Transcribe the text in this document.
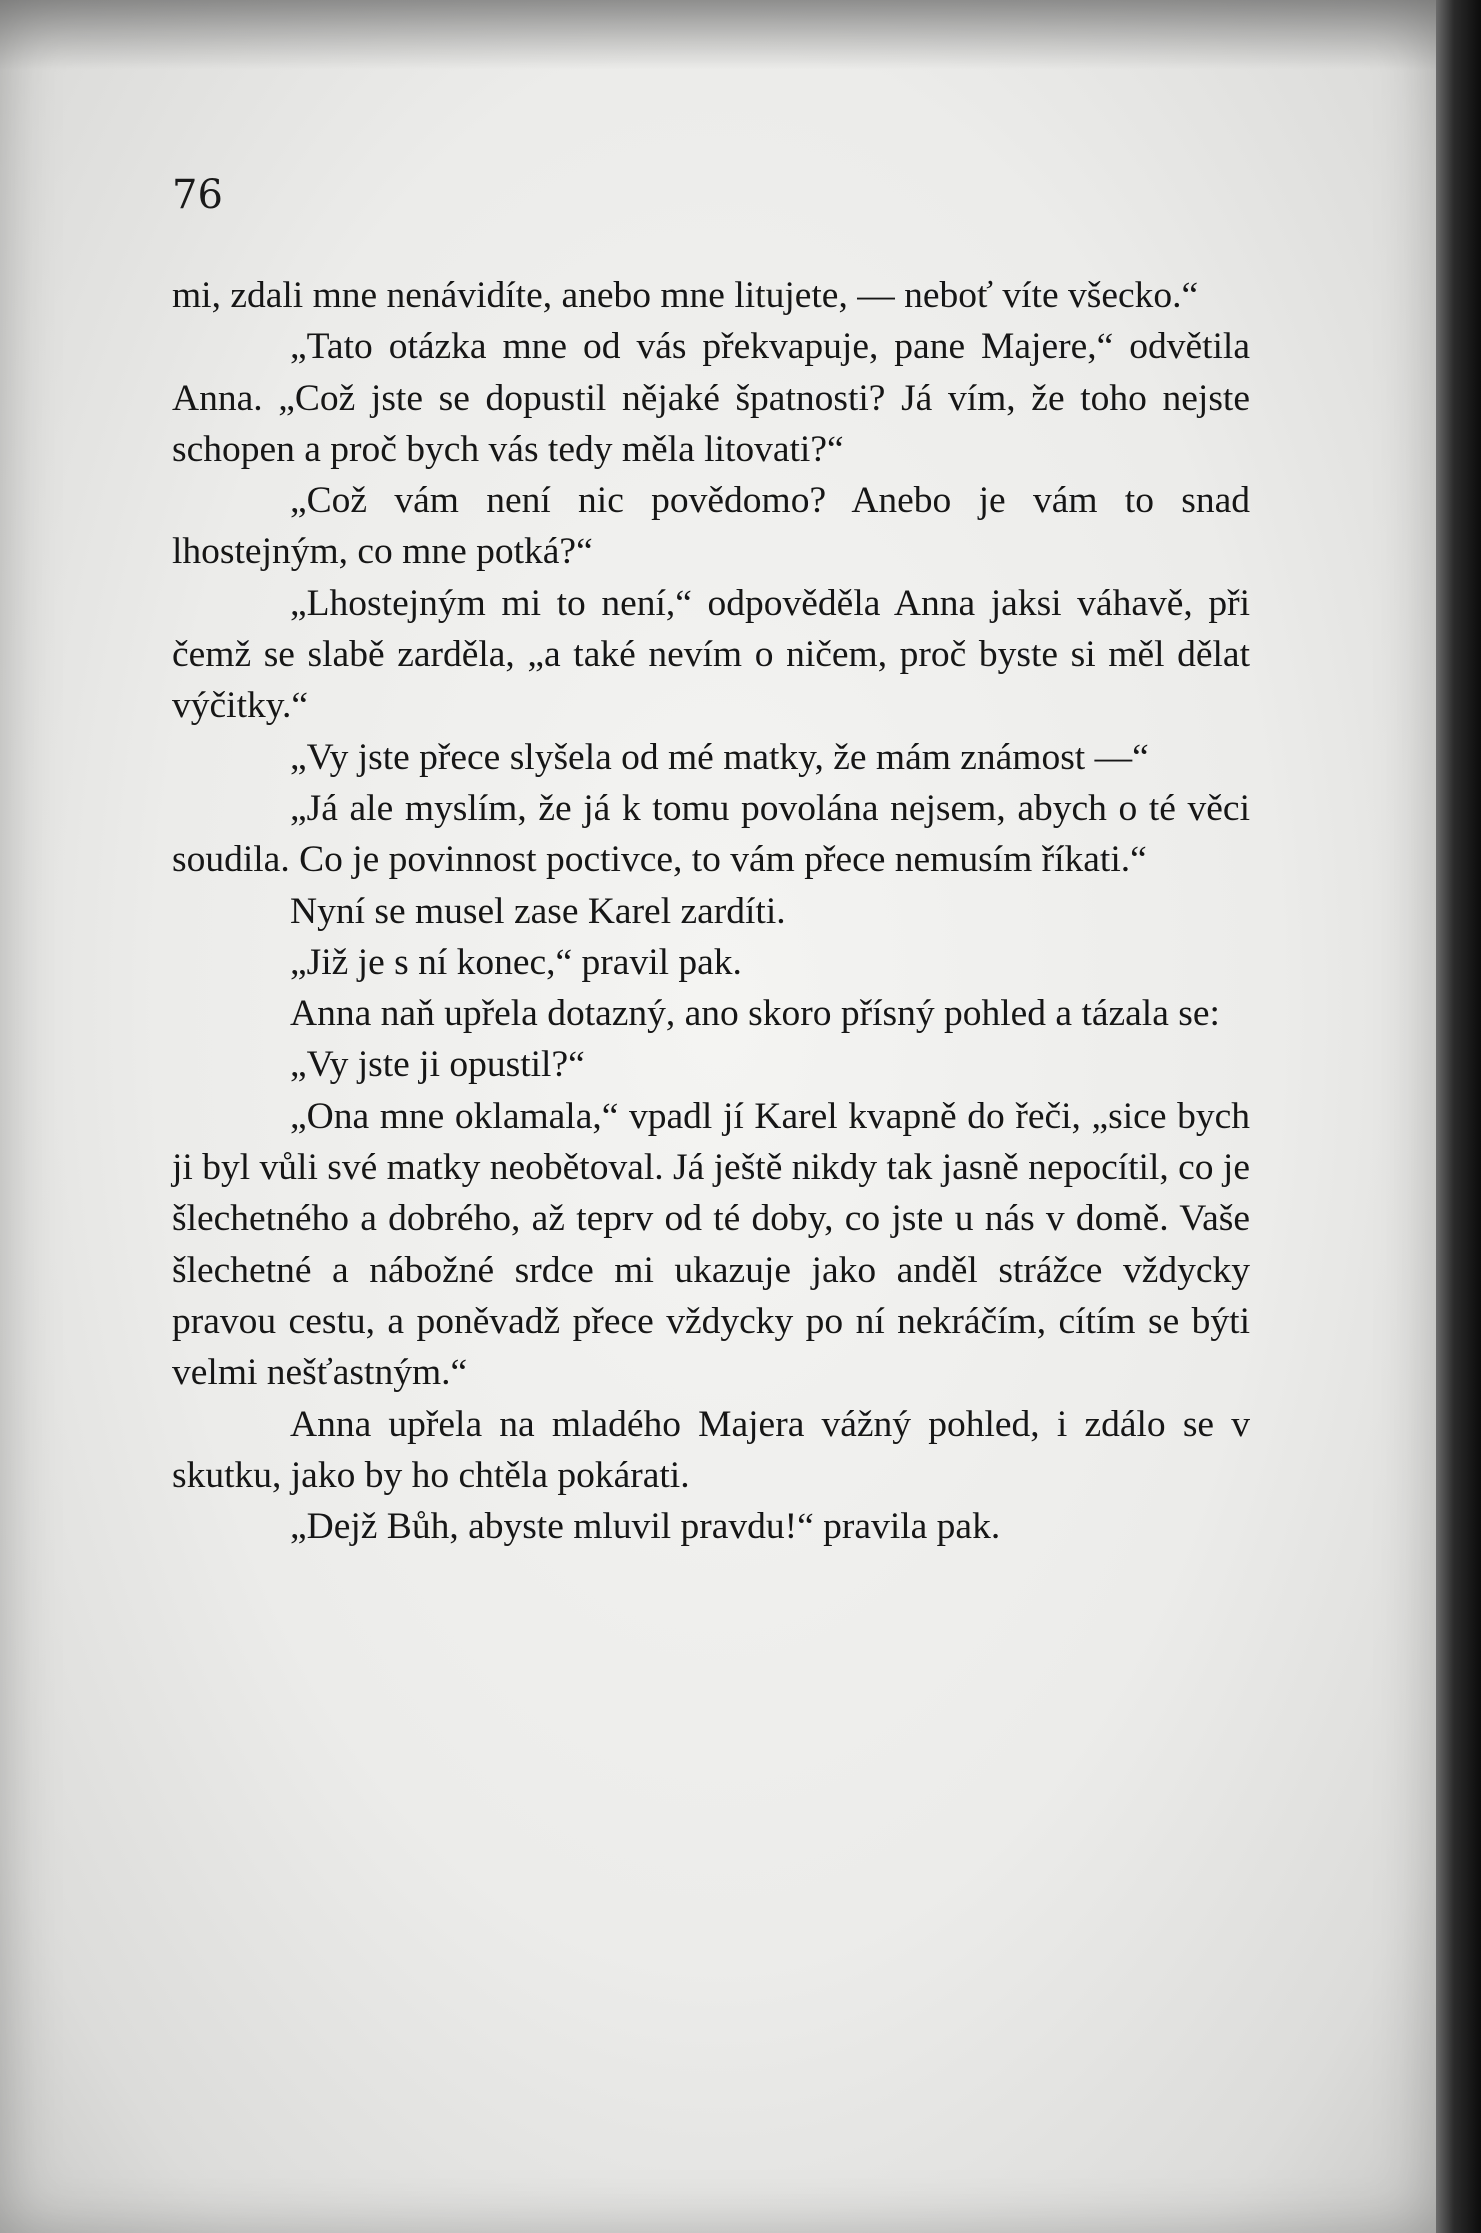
76

mi, zdali mne nenávidíte, anebo mne litujete, — neboť víte všecko.“

„Tato otázka mne od vás překvapuje, pane Majere,“ odvětila Anna. „Což jste se dopustil nějaké špatnosti? Já vím, že toho nejste schopen a proč bych vás tedy měla litovati?“

„Což vám není nic povědomo? Anebo je vám to snad lhostejným, co mne potká?“

„Lhostejným mi to není,“ odpověděla Anna jaksi váhavě, při čemž se slabě zarděla, „a také nevím o ničem, proč byste si měl dělat výčitky.“

„Vy jste přece slyšela od mé matky, že mám známost —“

„Já ale myslím, že já k tomu povolána nejsem, abych o té věci soudila. Co je povinnost poctivce, to vám přece nemusím říkati.“

Nyní se musel zase Karel zardíti.

„Již je s ní konec,“ pravil pak.

Anna naň upřela dotazný, ano skoro přísný pohled a tázala se:

„Vy jste ji opustil?“

„Ona mne oklamala,“ vpadl jí Karel kvapně do řeči, „sice bych ji byl vůli své matky neobětoval. Já ještě nikdy tak jasně nepocítil, co je šlechetného a dobrého, až teprv od té doby, co jste u nás v domě. Vaše šlechetné a nábožné srdce mi ukazuje jako anděl strážce vždycky pravou cestu, a poněvadž přece vždycky po ní nekráčím, cítím se býti velmi nešťastným.“

Anna upřela na mladého Majera vážný pohled, i zdálo se v skutku, jako by ho chtěla pokárati.

„Dejž Bůh, abyste mluvil pravdu!“ pravila pak.
